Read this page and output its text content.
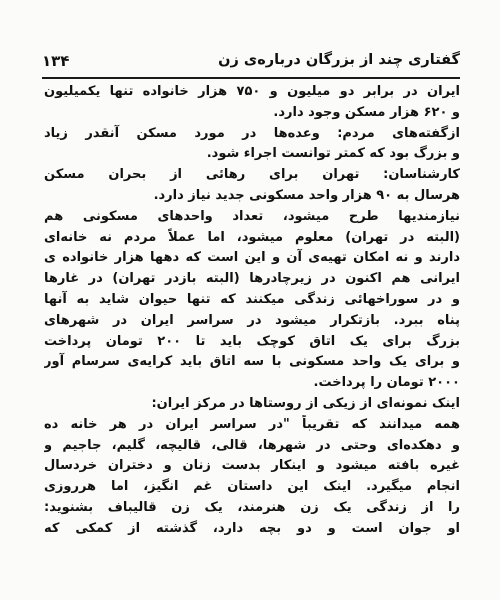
گفتاری چند از بزرگان درباره‌ی زن
۱۳۴
ایران در برابر دو میلیون و ۷۵۰ هزار خانواده تنها یکمیلیون
و ۶۲۰ هزار مسکن وجود دارد.
ازگفته‌های مردم: وعده‌ها در مورد مسکن آنقدر زیاد
و بزرگ بود که کمتر توانست اجراء شود.
کارشناسان: تهران برای رهائی از بحران مسکن
هرسال به ۹۰ هزار واحد مسکونی جدید نیاز دارد.
نیازمندیها طرح میشود، تعداد واحدهای مسکونی هم
(البته در تهران) معلوم میشود، اما عملاً مردم نه خانه‌ای
دارند و نه امکان تهیه‌ی آن و این است که دهها هزار خانواده ی
ایرانی هم اکنون در زیرچادرها (البته بازدر تهران) در غارها
و در سوراخهائی زندگی میکنند که تنها حیوان شاید به آنها
پناه ببرد. بازتکرار میشود در سراسر ایران در شهرهای
بزرگ برای یک اتاق کوچک باید تا ۲۰۰ تومان پرداخت
و برای یک واحد مسکونی با سه اتاق باید کرایه‌ی سرسام آور
۲۰۰۰ تومان را پرداخت.
اینک نمونه‌ای از زیکی از روستاها در مرکز ایران:
همه میدانند که تقریباً "در سراسر ایران در هر خانه ده
و دهکده‌ای وحتی در شهرها، قالی، قالیچه، گلیم، جاجیم و
غیره بافته میشود و اینکار بدست زنان و دختران خردسال
انجام میگیرد. اینک این داستان غم انگیز، اما هرروزی
را از زندگی یک زن هنرمند، یک زن قالیباف بشنوید:
او جوان است و دو بچه دارد، گذشته از کمکی که
